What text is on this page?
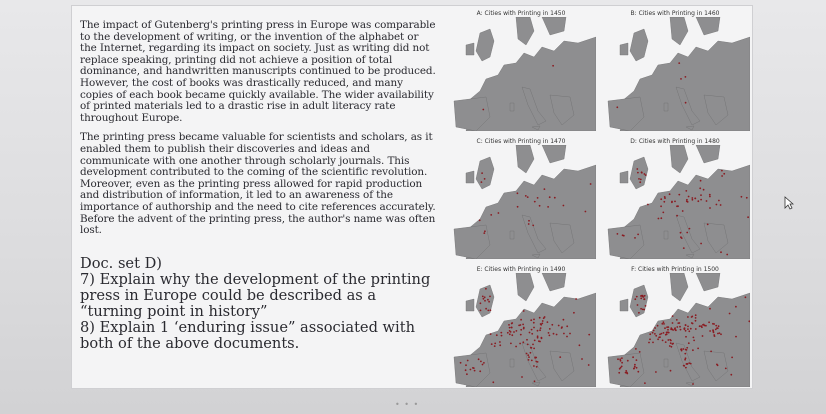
The impact of Gutenberg's printing press in Europe was comparable to the development of writing, or the invention of the alphabet or the Internet, regarding its impact on society. Just as writing did not replace speaking, printing did not achieve a position of total dominance, and handwritten manuscripts continued to be produced. However, the cost of books was drastically reduced, and many copies of each book became quickly available. The wider availability of printed materials led to a drastic rise in adult literacy rate throughout Europe.

The printing press became valuable for scientists and scholars, as it enabled them to publish their discoveries and ideas and communicate with one another through scholarly journals. This development contributed to the coming of the scientific revolution. Moreover, even as the printing press allowed for rapid production and distribution of information, it led to an awareness of the importance of authorship and the need to cite references accurately. Before the advent of the printing press, the author's name was often lost.

Doc. set D)

7) Explain why the development of the printing press in Europe could be described as a “turning point in history”

8) Explain 1 ‘enduring issue” associated with both of the above documents.

A: Cities with Printing in 1450	B: Cities with Printing in 1460
C: Cities with Printing in 1470	D: Cities with Printing in 1480
E: Cities with Printing in 1490	F: Cities with Printing in 1500
• • •
